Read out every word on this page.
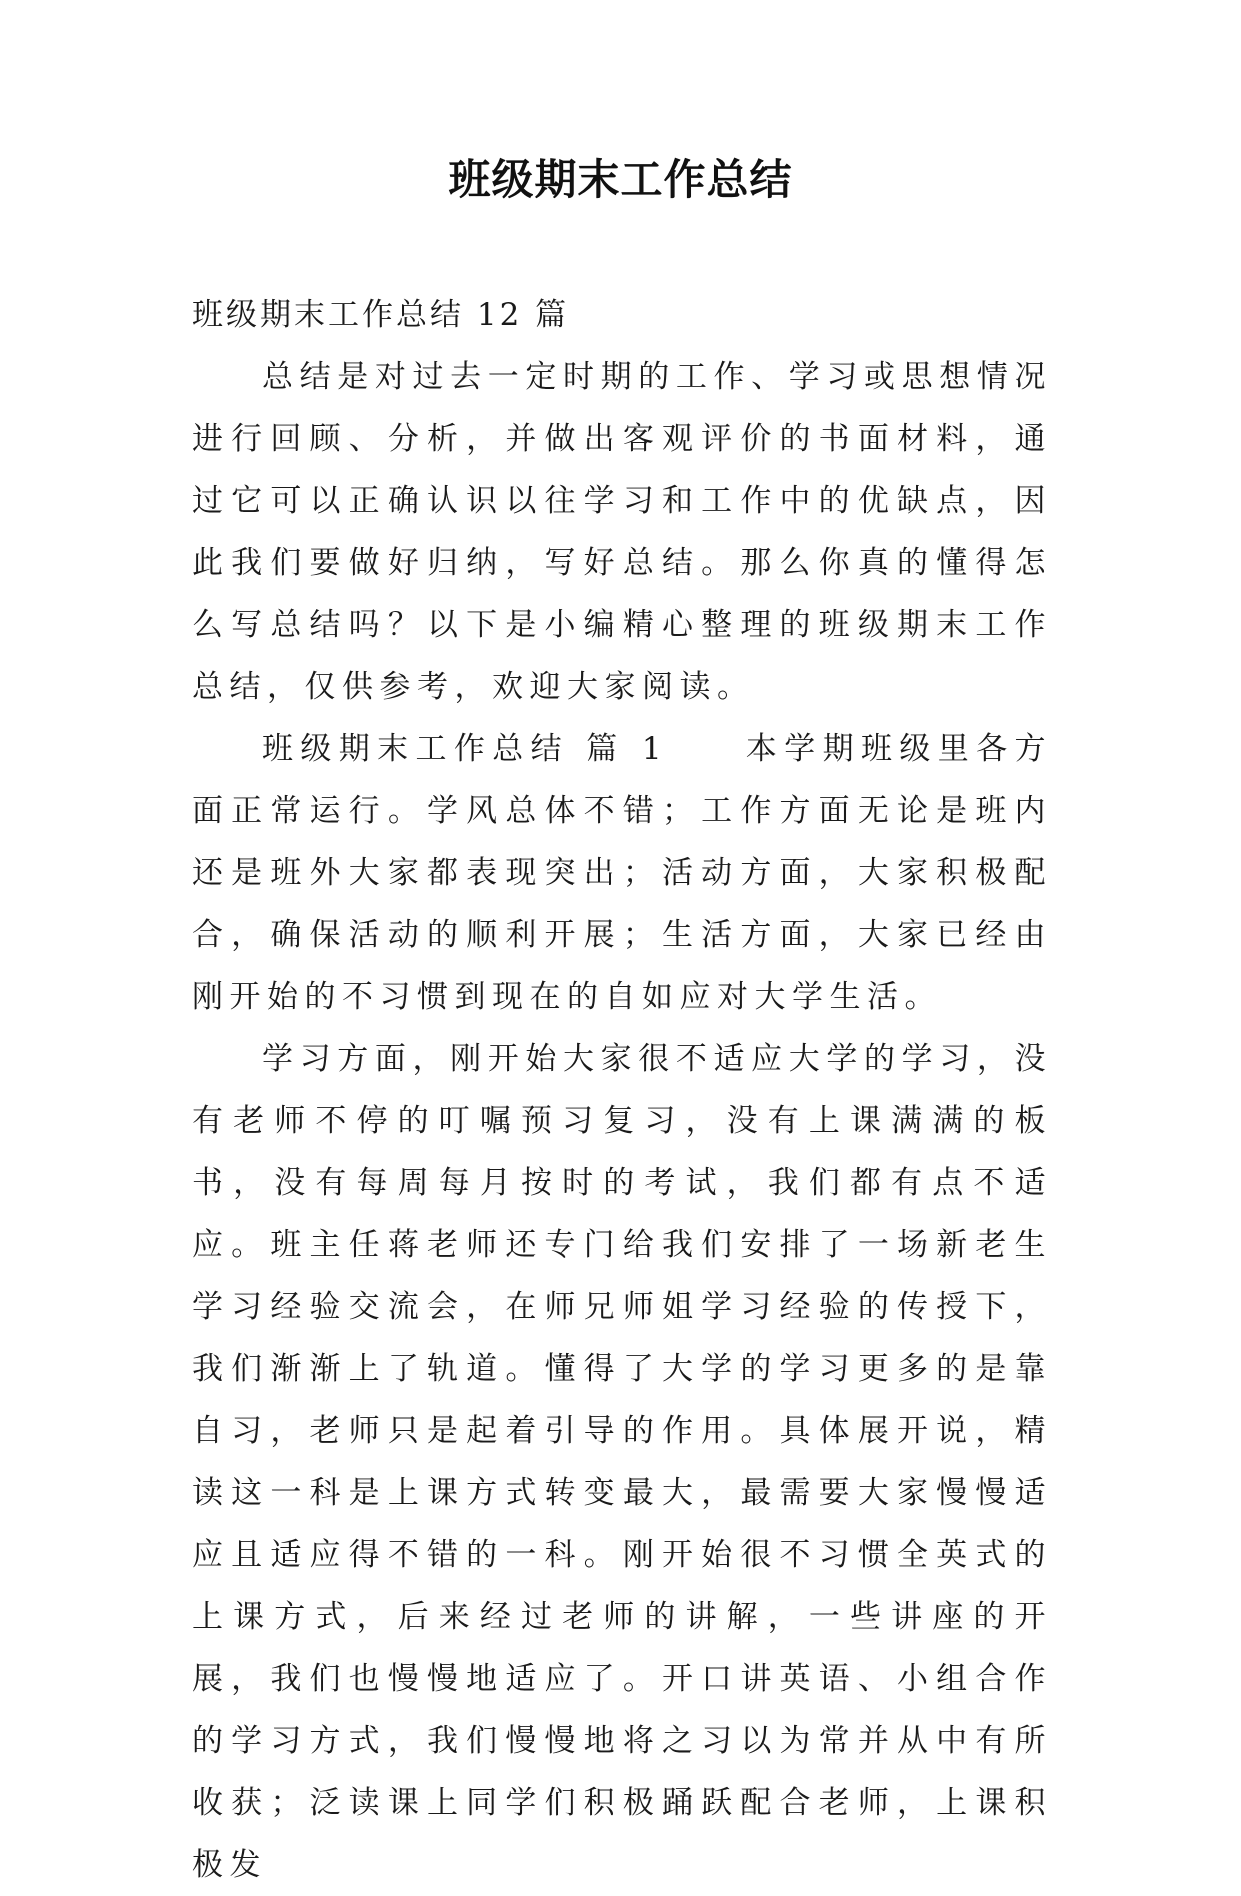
班级期末工作总结

班级期末工作总结 12 篇

总结是对过去一定时期的工作、学习或思想情况进行回顾、分析，并做出客观评价的书面材料，通过它可以正确认识以往学习和工作中的优缺点，因此我们要做好归纳，写好总结。那么你真的懂得怎么写总结吗？以下是小编精心整理的班级期末工作总结，仅供参考，欢迎大家阅读。

班级期末工作总结 篇 1　　本学期班级里各方面正常运行。学风总体不错；工作方面无论是班内还是班外大家都表现突出；活动方面，大家积极配合，确保活动的顺利开展；生活方面，大家已经由刚开始的不习惯到现在的自如应对大学生活。

学习方面，刚开始大家很不适应大学的学习，没有老师不停的叮嘱预习复习，没有上课满满的板书，没有每周每月按时的考试，我们都有点不适应。班主任蒋老师还专门给我们安排了一场新老生学习经验交流会，在师兄师姐学习经验的传授下，我们渐渐上了轨道。懂得了大学的学习更多的是靠自习，老师只是起着引导的作用。具体展开说，精读这一科是上课方式转变最大，最需要大家慢慢适应且适应得不错的一科。刚开始很不习惯全英式的上课方式，后来经过老师的讲解，一些讲座的开展，我们也慢慢地适应了。开口讲英语、小组合作的学习方式，我们慢慢地将之习以为常并从中有所收获；泛读课上同学们积极踊跃配合老师，上课积极发
